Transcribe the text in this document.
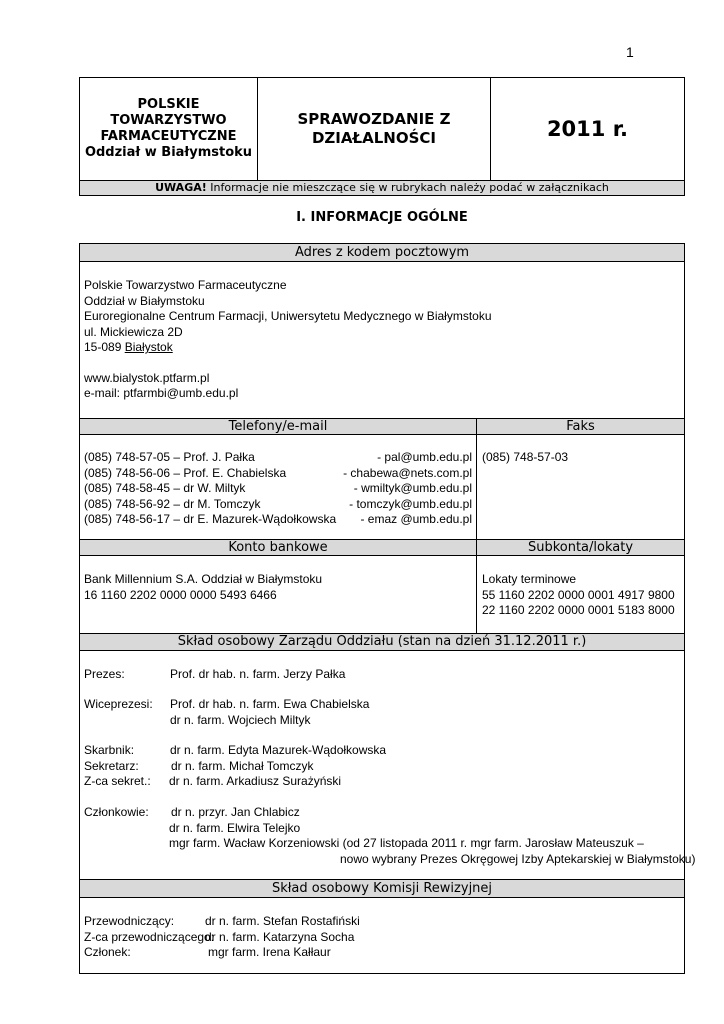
1
POLSKIE
TOWARZYSTWO
FARMACEUTYCZNE
Oddział w Białymstoku
SPRAWOZDANIE Z
DZIAŁALNOŚCI	2011 r.
UWAGA! Informacje nie mieszczące się w rubrykach należy podać w załącznikach
I. INFORMACJE OGÓLNE
Adres z kodem pocztowym
Polskie Towarzystwo Farmaceutyczne
Oddział w Białymstoku
Euroregionalne Centrum Farmacji, Uniwersytetu Medycznego w Białymstoku
ul. Mickiewicza 2D
15-089 Białystok
www.bialystok.ptfarm.pl
e-mail: ptfarmbi@umb.edu.pl
Telefony/e-mail	Faks
(085) 748-57-05 – Prof. J. Pałka	- pal@umb.edu.pl
(085) 748-56-06 – Prof. E. Chabielska	- chabewa@nets.com.pl
(085) 748-58-45 – dr W. Miltyk	- wmiltyk@umb.edu.pl
(085) 748-56-92 – dr M. Tomczyk	- tomczyk@umb.edu.pl
(085) 748-56-17 – dr E. Mazurek-Wądołkowska - emaz @umb.edu.pl
(085) 748-57-03
Konto bankowe	Subkonta/lokaty
Bank Millennium S.A. Oddział w Białymstoku
16 1160 2202 0000 0000 5493 6466
Lokaty terminowe
55 1160 2202 0000 0001 4917 9800
22 1160 2202 0000 0001 5183 8000
Skład osobowy Zarządu Oddziału (stan na dzień 31.12.2011 r.)
Prezes:	Prof. dr hab. n. farm. Jerzy Pałka
Wiceprezesi: Prof. dr hab. n. farm. Ewa Chabielska
dr n. farm. Wojciech Miltyk
Skarbnik:	dr n. farm. Edyta Mazurek-Wądołkowska
Sekretarz:	dr n. farm. Michał Tomczyk
Z-ca sekret.: dr n. farm. Arkadiusz Surażyński
Członkowie: dr n. przyr. Jan Chlabicz
dr n. farm. Elwira Telejko
mgr farm. Wacław Korzeniowski (od 27 listopada 2011 r. mgr farm. Jarosław Mateuszuk –
nowo wybrany Prezes Okręgowej Izby Aptekarskiej w Białymstoku)
Skład osobowy Komisji Rewizyjnej
Przewodniczący:	dr n. farm. Stefan Rostafiński
Z-ca przewodniczącego:
dr n. farm. Katarzyna Socha
Członek:	mgr farm. Irena Kałłaur
